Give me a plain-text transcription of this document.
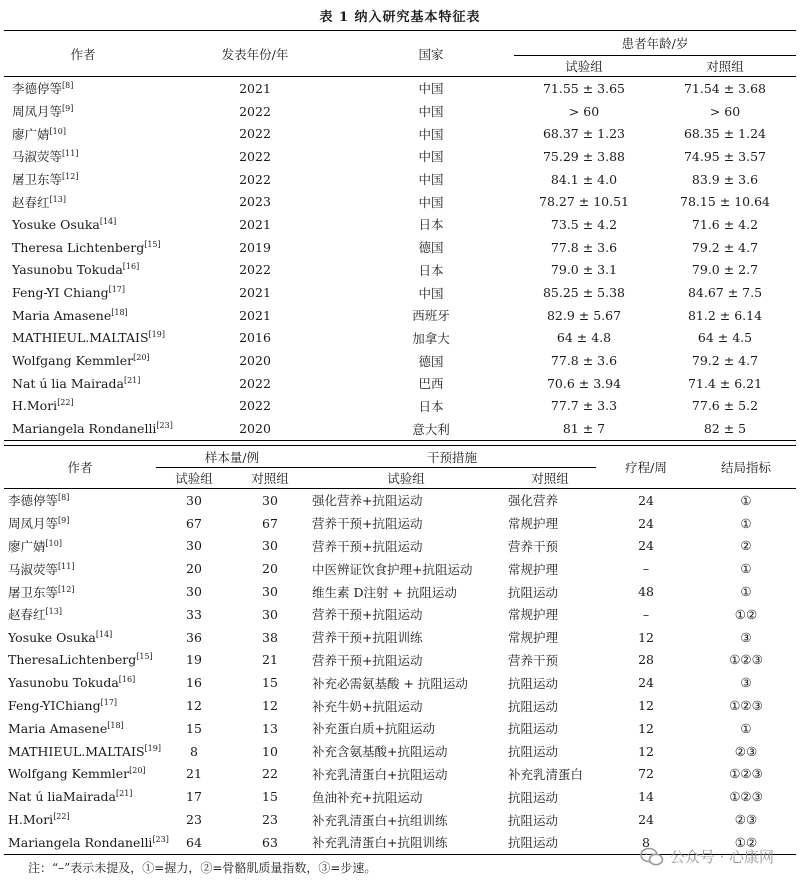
表 1 纳入研究基本特征表
作者	发表年份/年	国家	患者年龄/岁	
			试验组	对照组
李德停等[8]	2021	中国	71.55 ± 3.65	71.54 ± 3.68
周凤月等[9]	2022	中国	> 60	> 60
廖广婧[10]	2022	中国	68.37 ± 1.23	68.35 ± 1.24
马淑荧等[11]	2022	中国	75.29 ± 3.88	74.95 ± 3.57
屠卫东等[12]	2022	中国	84.1 ± 4.0	83.9 ± 3.6
赵春红[13]	2023	中国	78.27 ± 10.51	78.15 ± 10.64
Yosuke Osuka[14]	2021	日本	73.5 ± 4.2	71.6 ± 4.2
Theresa Lichtenberg[15]	2019	德国	77.8 ± 3.6	79.2 ± 4.7
Yasunobu Tokuda[16]	2022	日本	79.0 ± 3.1	79.0 ± 2.7
Feng-YI Chiang[17]	2021	中国	85.25 ± 5.38	84.67 ± 7.5
Maria Amasene[18]	2021	西班牙	82.9 ± 5.67	81.2 ± 6.14
MATHIEUL.MALTAIS[19]	2016	加拿大	64 ± 4.8	64 ± 4.5
Wolfgang Kemmler[20]	2020	德国	77.8 ± 3.6	79.2 ± 4.7
Nat ú lia Mairada[21]	2022	巴西	70.6 ± 3.94	71.4 ± 6.21
H.Mori[22]	2022	日本	77.7 ± 3.3	77.6 ± 5.2
Mariangela Rondanelli[23]	2020	意大利	81 ± 7	82 ± 5
作者	样本量/例		干预措施		疗程/周	结局指标
	试验组	对照组	试验组	对照组		
李德停等[8]	30	30	强化营养+抗阻运动	强化营养	24	①
周凤月等[9]	67	67	营养干预+抗阻运动	常规护理	24	①
廖广婧[10]	30	30	营养干预+抗阻运动	营养干预	24	②
马淑荧等[11]	20	20	中医辨证饮食护理+抗阻运动	常规护理	–	①
屠卫东等[12]	30	30	维生素 D注射 + 抗阻运动	抗阻运动	48	①
赵春红[13]	33	30	营养干预+抗阻运动	常规护理	–	①②
Yosuke Osuka[14]	36	38	营养干预+抗阻训练	常规护理	12	③
TheresaLichtenberg[15]	19	21	营养干预+抗阻运动	营养干预	28	①②③
Yasunobu Tokuda[16]	16	15	补充必需氨基酸 + 抗阻运动	抗阻运动	24	③
Feng-YIChiang[17]	12	12	补充牛奶+抗阻运动	抗阻运动	12	①②③
Maria Amasene[18]	15	13	补充蛋白质+抗阻运动	抗阻运动	12	①
MATHIEUL.MALTAIS[19]	8	10	补充含氨基酸+抗阻运动	抗阻运动	12	②③
Wolfgang Kemmler[20]	21	22	补充乳清蛋白+抗阻运动	补充乳清蛋白	72	①②③
Nat ú liaMairada[21]	17	15	鱼油补充+抗阻运动	抗阻运动	14	①②③
H.Mori[22]	23	23	补充乳清蛋白+抗组训练	抗阻运动	24	②③
Mariangela Rondanelli[23]	64	63	补充乳清蛋白+抗阻训练	抗阻运动	8	①②
注：“–”表示未提及，①=握力，②=骨骼肌质量指数，③=步速。
公众号 · 心康网
